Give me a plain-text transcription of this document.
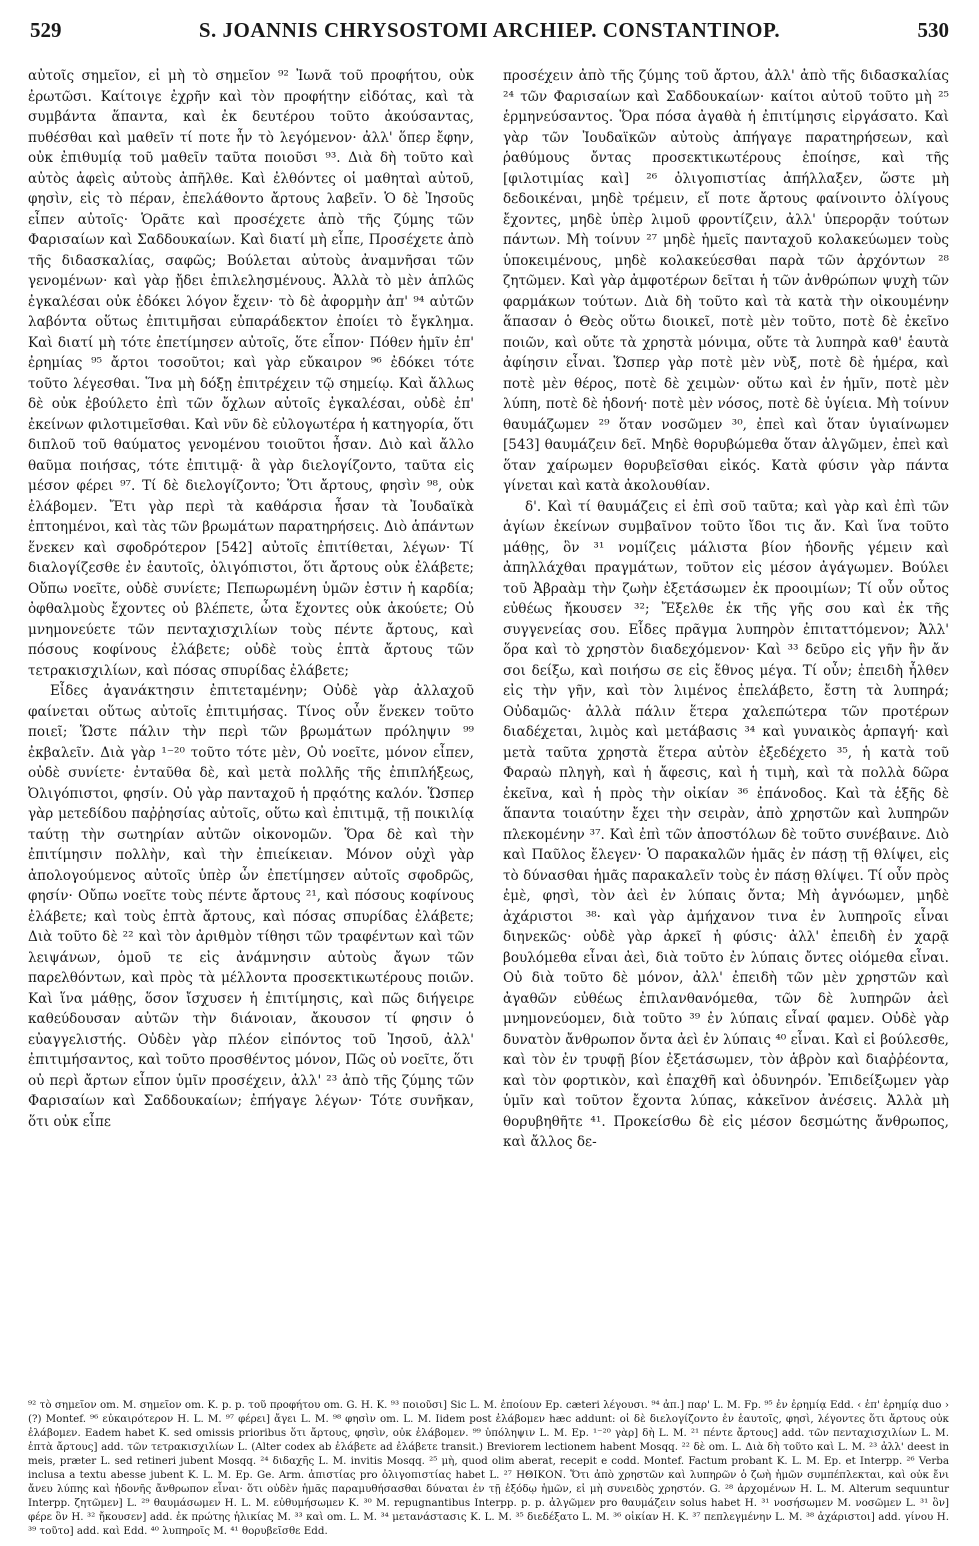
529	S. JOANNIS CHRYSOSTOMI ARCHIEP. CONSTANTINOP.	530

αὐτοῖς σημεῖον, εἰ μὴ τὸ σημεῖον ⁹² Ἰωνᾶ τοῦ προφήτου, οὐκ ἐρωτῶσι. Καίτοιγε ἐχρῆν καὶ τὸν προφήτην εἰδότας, καὶ τὰ συμβάντα ἅπαντα, καὶ ἐκ δευτέρου τοῦτο ἀκούσαντας, πυθέσθαι καὶ μαθεῖν τί ποτε ἦν τὸ λεγόμενον· ἀλλ' ὅπερ ἔφην, οὐκ ἐπιθυμίᾳ τοῦ μαθεῖν ταῦτα ποιοῦσι ⁹³. Διὰ δὴ τοῦτο καὶ αὐτὸς ἀφεὶς αὐτοὺς ἀπῆλθε. Καὶ ἐλθόντες οἱ μαθηταὶ αὐτοῦ, φησὶν, εἰς τὸ πέραν, ἐπελάθοντο ἄρτους λαβεῖν. Ὁ δὲ Ἰησοῦς εἶπεν αὐτοῖς· Ὁρᾶτε καὶ προσέχετε ἀπὸ τῆς ζύμης τῶν Φαρισαίων καὶ Σαδδουκαίων. Καὶ διατί μὴ εἶπε, Προσέχετε ἀπὸ τῆς διδασκαλίας, σαφῶς; Βούλεται αὐτοὺς ἀναμνῆσαι τῶν γενομένων· καὶ γὰρ ᾔδει ἐπιλελησμένους. Ἀλλὰ τὸ μὲν ἁπλῶς ἐγκαλέσαι οὐκ ἐδόκει λόγον ἔχειν· τὸ δὲ ἀφορμὴν ἀπ' ⁹⁴ αὐτῶν λαβόντα οὕτως ἐπιτιμῆσαι εὐπαράδεκτον ἐποίει τὸ ἔγκλημα. Καὶ διατί μὴ τότε ἐπετίμησεν αὐτοῖς, ὅτε εἶπον· Πόθεν ἡμῖν ἐπ' ἐρημίας ⁹⁵ ἄρτοι τοσοῦτοι; καὶ γὰρ εὔκαιρον ⁹⁶ ἐδόκει τότε τοῦτο λέγεσθαι. Ἵνα μὴ δόξῃ ἐπιτρέχειν τῷ σημείῳ. Καὶ ἄλλως δὲ οὐκ ἐβούλετο ἐπὶ τῶν ὄχλων αὐτοῖς ἐγκαλέσαι, οὐδὲ ἐπ' ἐκείνων φιλοτιμεῖσθαι. Καὶ νῦν δὲ εὐλογωτέρα ἡ κατηγορία, ὅτι διπλοῦ τοῦ θαύματος γενομένου τοιοῦτοι ἦσαν. Διὸ καὶ ἄλλο θαῦμα ποιήσας, τότε ἐπιτιμᾷ· ἃ γὰρ διελογίζοντο, ταῦτα εἰς μέσον φέρει ⁹⁷. Τί δὲ διελογίζοντο; Ὅτι ἄρτους, φησὶν ⁹⁸, οὐκ ἐλάβομεν. Ἔτι γὰρ περὶ τὰ καθάρσια ἦσαν τὰ Ἰουδαϊκὰ ἐπτοημένοι, καὶ τὰς τῶν βρωμάτων παρατηρήσεις. Διὸ ἁπάντων ἕνεκεν καὶ σφοδρότερον [542] αὐτοῖς ἐπιτίθεται, λέγων· Τί διαλογίζεσθε ἐν ἑαυτοῖς, ὀλιγόπιστοι, ὅτι ἄρτους οὐκ ἐλάβετε; Οὔπω νοεῖτε, οὐδὲ συνίετε; Πεπωρωμένη ὑμῶν ἐστιν ἡ καρδία; ὀφθαλμοὺς ἔχοντες οὐ βλέπετε, ὦτα ἔχοντες οὐκ ἀκούετε; Οὐ μνημονεύετε τῶν πενταχισχιλίων τοὺς πέντε ἄρτους, καὶ πόσους κοφίνους ἐλάβετε; οὐδὲ τοὺς ἑπτὰ ἄρτους τῶν τετρακισχιλίων, καὶ πόσας σπυρίδας ἐλάβετε;

Εἶδες ἀγανάκτησιν ἐπιτεταμένην; Οὐδὲ γὰρ ἀλλαχοῦ φαίνεται οὕτως αὐτοῖς ἐπιτιμήσας. Τίνος οὖν ἕνεκεν τοῦτο ποιεῖ; Ὥστε πάλιν τὴν περὶ τῶν βρωμάτων πρόληψιν ⁹⁹ ἐκβαλεῖν. Διὰ γὰρ ¹⁻²⁰ τοῦτο τότε μὲν, Οὐ νοεῖτε, μόνον εἶπεν, οὐδὲ συνίετε· ἐνταῦθα δὲ, καὶ μετὰ πολλῆς τῆς ἐπιπλήξεως, Ὀλιγόπιστοι, φησίν. Οὐ γὰρ πανταχοῦ ἡ πρᾳότης καλόν. Ὥσπερ γὰρ μετεδίδου παῤῥησίας αὐτοῖς, οὕτω καὶ ἐπιτιμᾷ, τῇ ποικιλίᾳ ταύτῃ τὴν σωτηρίαν αὐτῶν οἰκονομῶν. Ὅρα δὲ καὶ τὴν ἐπιτίμησιν πολλὴν, καὶ τὴν ἐπιείκειαν. Μόνον οὐχὶ γὰρ ἀπολογούμενος αὐτοῖς ὑπὲρ ὧν ἐπετίμησεν αὐτοῖς σφοδρῶς, φησίν· Οὔπω νοεῖτε τοὺς πέντε ἄρτους ²¹, καὶ πόσους κοφίνους ἐλάβετε; καὶ τοὺς ἑπτὰ ἄρτους, καὶ πόσας σπυρίδας ἐλάβετε; Διὰ τοῦτο δὲ ²² καὶ τὸν ἀριθμὸν τίθησι τῶν τραφέντων καὶ τῶν λειψάνων, ὁμοῦ τε εἰς ἀνάμνησιν αὐτοὺς ἄγων τῶν παρελθόντων, καὶ πρὸς τὰ μέλλοντα προσεκτικωτέρους ποιῶν. Καὶ ἵνα μάθῃς, ὅσον ἴσχυσεν ἡ ἐπιτίμησις, καὶ πῶς διήγειρε καθεύδουσαν αὐτῶν τὴν διάνοιαν, ἄκουσον τί φησιν ὁ εὐαγγελιστής. Οὐδὲν γὰρ πλέον εἰπόντος τοῦ Ἰησοῦ, ἀλλ' ἐπιτιμήσαντος, καὶ τοῦτο προσθέντος μόνον, Πῶς οὐ νοεῖτε, ὅτι οὐ περὶ ἄρτων εἶπον ὑμῖν προσέχειν, ἀλλ' ²³ ἀπὸ τῆς ζύμης τῶν Φαρισαίων καὶ Σαδδουκαίων; ἐπήγαγε λέγων· Τότε συνῆκαν, ὅτι οὐκ εἶπε

προσέχειν ἀπὸ τῆς ζύμης τοῦ ἄρτου, ἀλλ' ἀπὸ τῆς διδασκαλίας ²⁴ τῶν Φαρισαίων καὶ Σαδδουκαίων· καίτοι αὐτοῦ τοῦτο μὴ ²⁵ ἑρμηνεύσαντος. Ὅρα πόσα ἀγαθὰ ἡ ἐπιτίμησις εἰργάσατο. Καὶ γὰρ τῶν Ἰουδαϊκῶν αὐτοὺς ἀπήγαγε παρατηρήσεων, καὶ ῥαθύμους ὄντας προσεκτικωτέρους ἐποίησε, καὶ τῆς [φιλοτιμίας καὶ] ²⁶ ὀλιγοπιστίας ἀπήλλαξεν, ὥστε μὴ δεδοικέναι, μηδὲ τρέμειν, εἴ ποτε ἄρτους φαίνοιντο ὀλίγους ἔχοντες, μηδὲ ὑπὲρ λιμοῦ φροντίζειν, ἀλλ' ὑπερορᾷν τούτων πάντων. Μὴ τοίνυν ²⁷ μηδὲ ἡμεῖς πανταχοῦ κολακεύωμεν τοὺς ὑποκειμένους, μηδὲ κολακεύεσθαι παρὰ τῶν ἀρχόντων ²⁸ ζητῶμεν. Καὶ γὰρ ἀμφοτέρων δεῖται ἡ τῶν ἀνθρώπων ψυχὴ τῶν φαρμάκων τούτων. Διὰ δὴ τοῦτο καὶ τὰ κατὰ τὴν οἰκουμένην ἅπασαν ὁ Θεὸς οὕτω διοικεῖ, ποτὲ μὲν τοῦτο, ποτὲ δὲ ἐκεῖνο ποιῶν, καὶ οὔτε τὰ χρηστὰ μόνιμα, οὔτε τὰ λυπηρὰ καθ' ἑαυτὰ ἀφίησιν εἶναι. Ὥσπερ γὰρ ποτὲ μὲν νὺξ, ποτὲ δὲ ἡμέρα, καὶ ποτὲ μὲν θέρος, ποτὲ δὲ χειμὼν· οὕτω καὶ ἐν ἡμῖν, ποτὲ μὲν λύπη, ποτὲ δὲ ἡδονή· ποτὲ μὲν νόσος, ποτὲ δὲ ὑγίεια. Μὴ τοίνυν θαυμάζωμεν ²⁹ ὅταν νοσῶμεν ³⁰, ἐπεὶ καὶ ὅταν ὑγιαίνωμεν [543] θαυμάζειν δεῖ. Μηδὲ θορυβώμεθα ὅταν ἀλγῶμεν, ἐπεὶ καὶ ὅταν χαίρωμεν θορυβεῖσθαι εἰκός. Κατὰ φύσιν γὰρ πάντα γίνεται καὶ κατὰ ἀκολουθίαν.

δ'. Καὶ τί θαυμάζεις εἰ ἐπὶ σοῦ ταῦτα; καὶ γὰρ καὶ ἐπὶ τῶν ἁγίων ἐκείνων συμβαῖνον τοῦτο ἴδοι τις ἄν. Καὶ ἵνα τοῦτο μάθῃς, ὃν ³¹ νομίζεις μάλιστα βίον ἡδονῆς γέμειν καὶ ἀπηλλάχθαι πραγμάτων, τοῦτον εἰς μέσον ἀγάγωμεν. Βούλει τοῦ Ἀβραὰμ τὴν ζωὴν ἐξετάσωμεν ἐκ προοιμίων; Τί οὖν οὗτος εὐθέως ἤκουσεν ³²; Ἔξελθε ἐκ τῆς γῆς σου καὶ ἐκ τῆς συγγενείας σου. Εἶδες πρᾶγμα λυπηρὸν ἐπιταττόμενον; Ἀλλ' ὅρα καὶ τὸ χρηστὸν διαδεχόμενον· Καὶ ³³ δεῦρο εἰς γῆν ἣν ἄν σοι δείξω, καὶ ποιήσω σε εἰς ἔθνος μέγα. Τί οὖν; ἐπειδὴ ἦλθεν εἰς τὴν γῆν, καὶ τὸν λιμένος ἐπελάβετο, ἔστη τὰ λυπηρά; Οὐδαμῶς· ἀλλὰ πάλιν ἕτερα χαλεπώτερα τῶν προτέρων διαδέχεται, λιμὸς καὶ μετάβασις ³⁴ καὶ γυναικὸς ἁρπαγή· καὶ μετὰ ταῦτα χρηστὰ ἕτερα αὐτὸν ἐξεδέχετο ³⁵, ἡ κατὰ τοῦ Φαραὼ πληγὴ, καὶ ἡ ἄφεσις, καὶ ἡ τιμὴ, καὶ τὰ πολλὰ δῶρα ἐκεῖνα, καὶ ἡ πρὸς τὴν οἰκίαν ³⁶ ἐπάνοδος. Καὶ τὰ ἑξῆς δὲ ἅπαντα τοιαύτην ἔχει τὴν σειρὰν, ἀπὸ χρηστῶν καὶ λυπηρῶν πλεκομένην ³⁷. Καὶ ἐπὶ τῶν ἀποστόλων δὲ τοῦτο συνέβαινε. Διὸ καὶ Παῦλος ἔλεγεν· Ὁ παρακαλῶν ἡμᾶς ἐν πάσῃ τῇ θλίψει, εἰς τὸ δύνασθαι ἡμᾶς παρακαλεῖν τοὺς ἐν πάσῃ θλίψει. Τί οὖν πρὸς ἐμὲ, φησὶ, τὸν ἀεὶ ἐν λύπαις ὄντα; Μὴ ἀγνόωμεν, μηδὲ ἀχάριστοι ³⁸· καὶ γὰρ ἀμήχανον τινα ἐν λυπηροῖς εἶναι διηνεκῶς· οὐδὲ γὰρ ἀρκεῖ ἡ φύσις· ἀλλ' ἐπειδὴ ἐν χαρᾷ βουλόμεθα εἶναι ἀεὶ, διὰ τοῦτο ἐν λύπαις ὄντες οἰόμεθα εἶναι. Οὐ διὰ τοῦτο δὲ μόνον, ἀλλ' ἐπειδὴ τῶν μὲν χρηστῶν καὶ ἀγαθῶν εὐθέως ἐπιλανθανόμεθα, τῶν δὲ λυπηρῶν ἀεὶ μνημονεύομεν, διὰ τοῦτο ³⁹ ἐν λύπαις εἶναί φαμεν. Οὐδὲ γὰρ δυνατὸν ἄνθρωπον ὄντα ἀεὶ ἐν λύπαις ⁴⁰ εἶναι. Καὶ εἰ βούλεσθε, καὶ τὸν ἐν τρυφῇ βίον ἐξετάσωμεν, τὸν ἁβρὸν καὶ διαῤῥέοντα, καὶ τὸν φορτικὸν, καὶ ἐπαχθῆ καὶ ὀδυνηρόν. Ἐπιδείξωμεν γὰρ ὑμῖν καὶ τοῦτον ἔχοντα λύπας, κἀκεῖνον ἀνέσεις. Ἀλλὰ μὴ θορυβηθῆτε ⁴¹. Προκείσθω δὲ εἰς μέσον δεσμώτης ἄνθρωπος, καὶ ἄλλος δε-

⁹² τὸ σημεῖον om. M. σημεῖον om. K. p. p. τοῦ προφήτου om. G. H. K. ⁹³ ποιοῦσι] Sic L. M. ἐποίουν Ep. cæteri λέγουσι. ⁹⁴ ἀπ.] παρ' L. M. Fp. ⁹⁵ ἐν ἐρημίᾳ Edd. ‹ ἐπ' ἐρημίᾳ duo › (?) Montef. ⁹⁶ εὐκαιρότερον H. L. M. ⁹⁷ φέρει] ἄγει L. M. ⁹⁸ φησὶν om. L. M. Iidem post ἐλάβομεν hæc addunt: οἱ δὲ διελογίζοντο ἐν ἑαυτοῖς, φησὶ, λέγοντες ὅτι ἄρτους οὐκ ἐλάβομεν. Eadem habet K. sed omissis prioribus ὅτι ἄρτους, φησὶν, οὐκ ἐλάβομεν. ⁹⁹ ὑπόληψιν L. M. Ep. ¹⁻²⁰ γὰρ] δὴ L. M. ²¹ πέντε ἄρτους] add. τῶν πενταχισχιλίων L. M. ἑπτὰ ἄρτους] add. τῶν τετρακισχιλίων L. (Alter codex ab ἐλάβετε ad ἐλάβετε transit.) Breviorem lectionem habent Mosqq. ²² δὲ om. L. Διὰ δὴ τοῦτο καὶ L. M. ²³ ἀλλ' deest in meis, præter L. sed retineri jubent Mosqq. ²⁴ διδαχῆς L. M. invitis Mosqq. ²⁵ μὴ, quod olim aberat, recepit e codd. Montef. Factum probant K. L. M. Ep. et Interpp. ²⁶ Verba inclusa a textu abesse jubent K. L. M. Ep. Ge. Arm. ἀπιστίας pro ὀλιγοπιστίας habet L. ²⁷ ΗΘΙΚΟΝ. Ὅτι ἀπὸ χρηστῶν καὶ λυπηρῶν ὁ ζωὴ ἡμῶν συμπέπλεκται, καὶ οὐκ ἔνι ἄνευ λύπης καὶ ἡδονῆς ἄνθρωπον εἶναι· ὅτι οὐδὲν ἡμᾶς παραμυθήσασθαι δύναται ἐν τῇ ἐξόδῳ ἡμῶν, εἰ μὴ συνειδὸς χρηστόν. G. ²⁸ ἀρχομένων H. L. M. Alterum sequuntur Interpp. ζητῶμεν] L. ²⁹ θαυμάσωμεν H. L. M. εὐθυμήσωμεν K. ³⁰ M. repugnantibus Interpp. p. p. ἀλγῶμεν pro θαυμάζειν solus habet H. ³¹ νοσήσωμεν M. νοσῶμεν L. ³¹ ὃν] φέρε ὃν H. ³² ἤκουσεν] add. ἐκ πρώτης ἡλικίας M. ³³ καὶ om. L. M. ³⁴ μετανάστασις K. L. M. ³⁵ διεδέξατο L. M. ³⁶ οἰκίαν H. K. ³⁷ πεπλεγμένην L. M. ³⁸ ἀχάριστοι] add. γίνου H. ³⁹ τοῦτο] add. καὶ Edd. ⁴⁰ λυπηροῖς M. ⁴¹ θορυβεῖσθε Edd.
